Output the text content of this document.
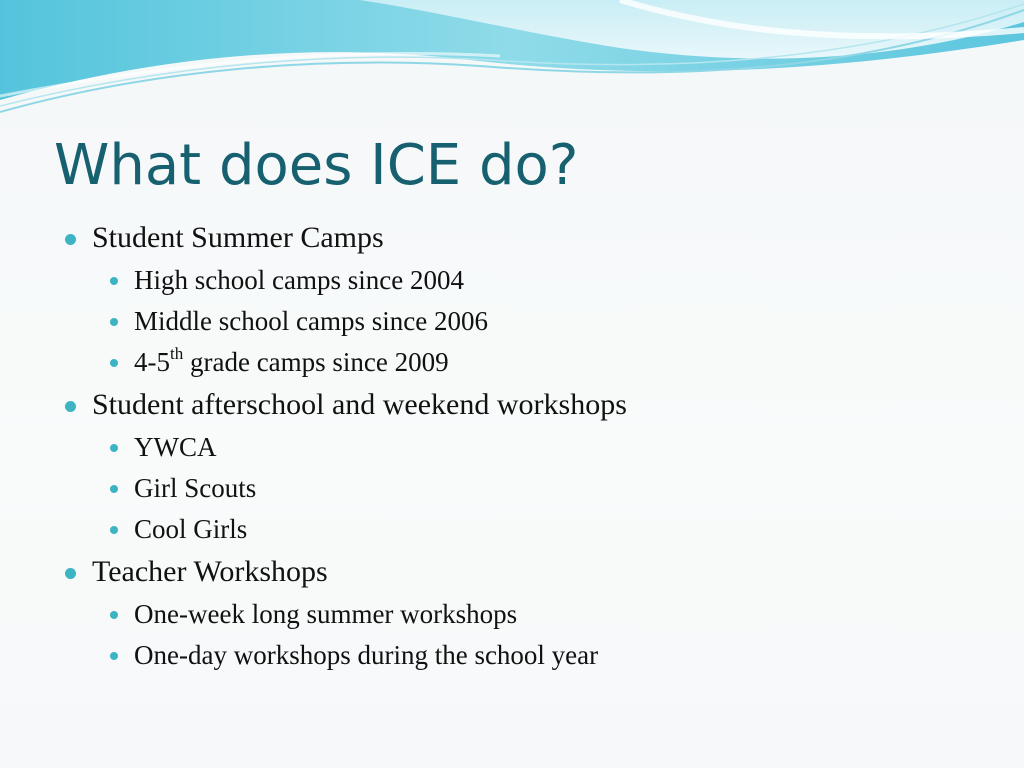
What does ICE do?
Student Summer Camps
High school camps since 2004
Middle school camps since 2006
4-5th grade camps since 2009
Student afterschool and weekend workshops
YWCA
Girl Scouts
Cool Girls
Teacher Workshops
One-week long summer workshops
One-day workshops during the school year
